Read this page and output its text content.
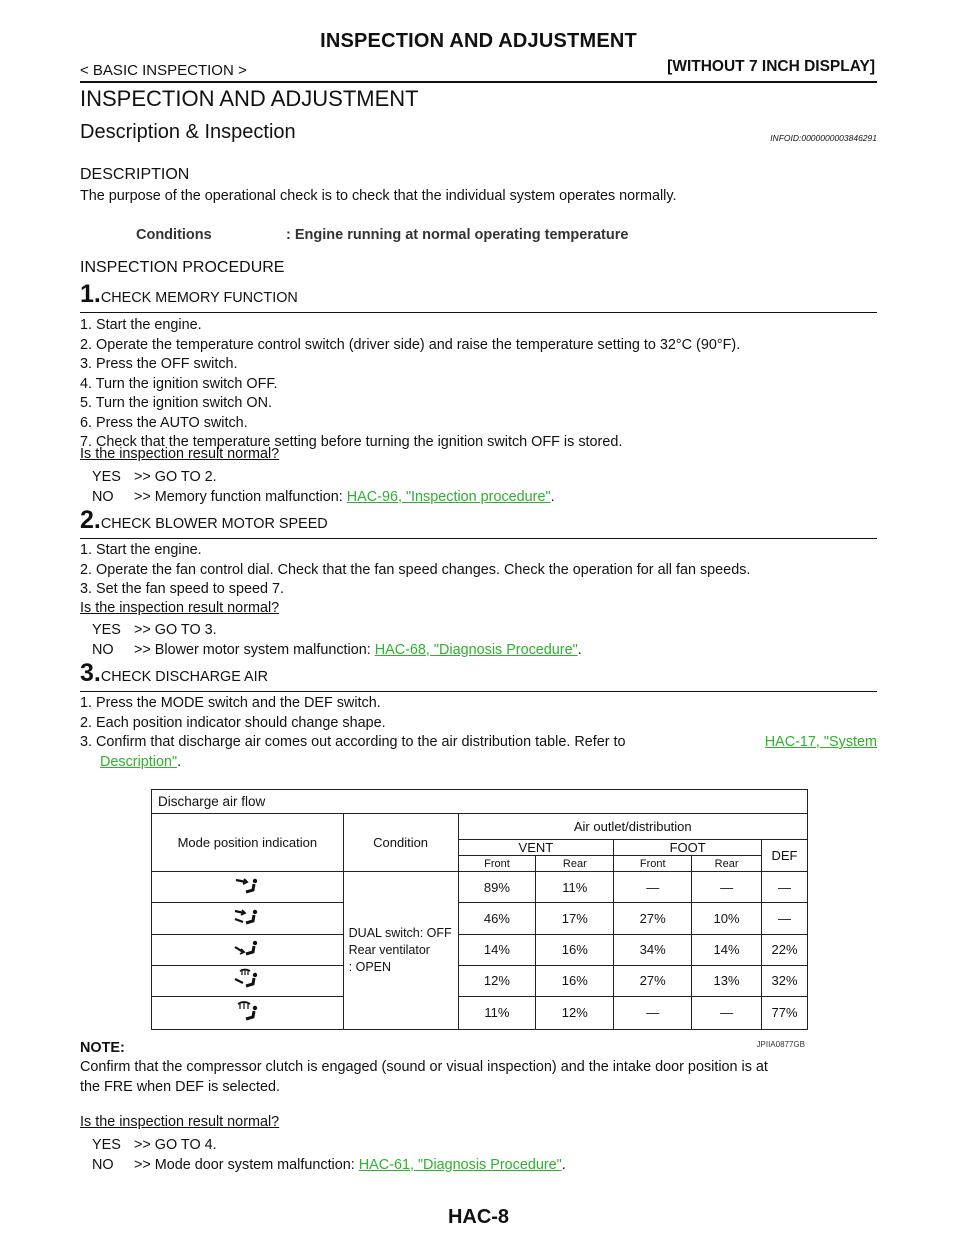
INSPECTION AND ADJUSTMENT
< BASIC INSPECTION >	[WITHOUT 7 INCH DISPLAY]
INSPECTION AND ADJUSTMENT
Description & Inspection	INFOID:0000000003846291
DESCRIPTION
The purpose of the operational check is to check that the individual system operates normally.
Conditions	: Engine running at normal operating temperature
INSPECTION PROCEDURE
1.CHECK MEMORY FUNCTION
1. Start the engine.
2. Operate the temperature control switch (driver side) and raise the temperature setting to 32°C (90°F).
3. Press the OFF switch.
4. Turn the ignition switch OFF.
5. Turn the ignition switch ON.
6. Press the AUTO switch.
7. Check that the temperature setting before turning the ignition switch OFF is stored.
Is the inspection result normal?
YES >> GO TO 2.
NO >> Memory function malfunction: HAC-96, "Inspection procedure".
2.CHECK BLOWER MOTOR SPEED
1. Start the engine.
2. Operate the fan control dial. Check that the fan speed changes. Check the operation for all fan speeds.
3. Set the fan speed to speed 7.
Is the inspection result normal?
YES >> GO TO 3.
NO >> Blower motor system malfunction: HAC-68, "Diagnosis Procedure".
3.CHECK DISCHARGE AIR
1. Press the MODE switch and the DEF switch.
2. Each position indicator should change shape.
3. Confirm that discharge air comes out according to the air distribution table. Refer to	HAC-17, "System
Description".
Discharge air flow						
Mode position indication	Condition	Air outlet/distribution				
		VENT		FOOT		DEF
		Front	Rear	Front	Rear	

DUAL switch: OFF
Rear ventilator
: OPEN	89%	11%	—	—	—
	46%	17%	27%	10%	—
	14%	16%	34%	14%	22%
	12%	16%	27%	13%	32%
	11%	12%	—	—	77%
JPIIA0877GB
NOTE:
Confirm that the compressor clutch is engaged (sound or visual inspection) and the intake door position is at
the FRE when DEF is selected.
Is the inspection result normal?
YES >> GO TO 4.
NO >> Mode door system malfunction: HAC-61, "Diagnosis Procedure".
HAC-8
